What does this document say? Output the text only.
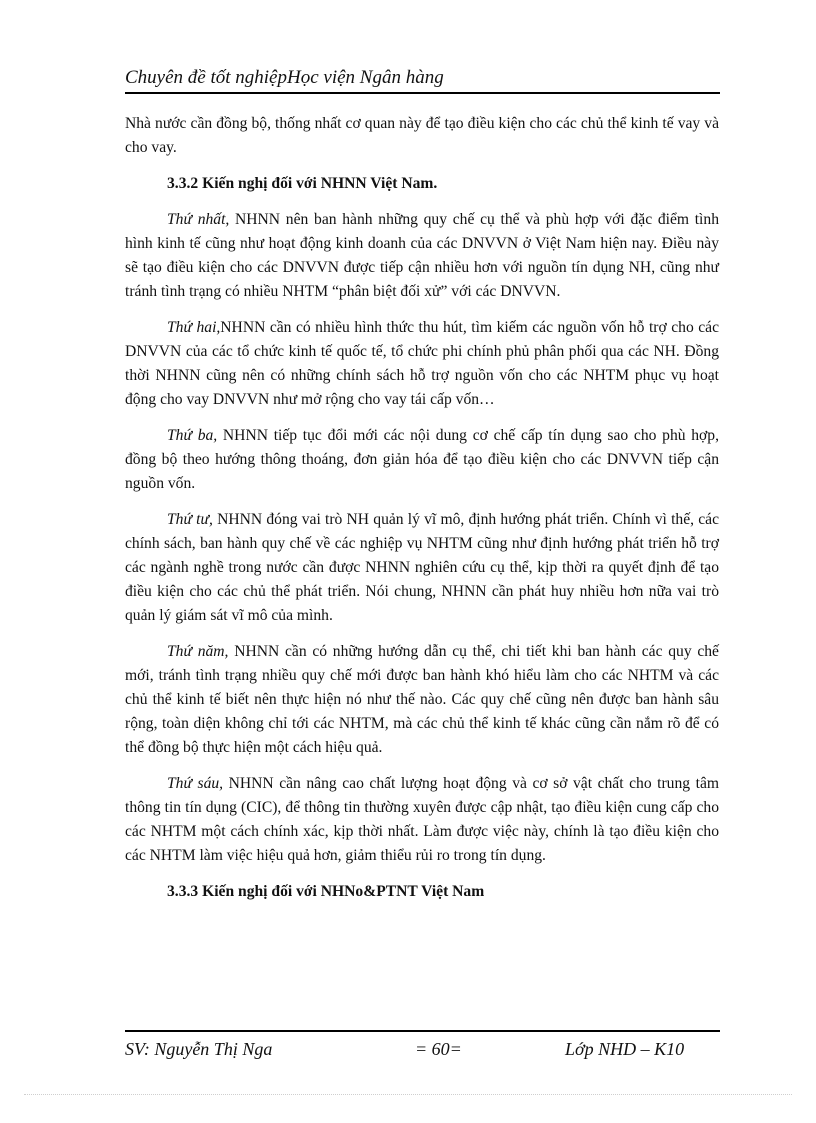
Chuyên đề tốt nghiệpHọc viện Ngân hàng

Nhà nước cần đồng bộ, thống nhất cơ quan này để tạo điều kiện cho các chủ thể kinh tế vay và cho vay.

3.3.2 Kiến nghị đối với NHNN Việt Nam.

Thứ nhất, NHNN nên ban hành những quy chế cụ thể và phù hợp với đặc điểm tình hình kinh tế cũng như hoạt động kinh doanh của các DNVVN ở Việt Nam hiện nay. Điều này sẽ tạo điều kiện cho các DNVVN được tiếp cận nhiều hơn với nguồn tín dụng NH, cũng như tránh tình trạng có nhiều NHTM “phân biệt đối xử” với các DNVVN.

Thứ hai,NHNN cần có nhiều hình thức thu hút, tìm kiếm các nguồn vốn hỗ trợ cho các DNVVN của các tổ chức kinh tế quốc tế, tổ chức phi chính phủ phân phối qua các NH. Đồng thời NHNN cũng nên có những chính sách hỗ trợ nguồn vốn cho các NHTM phục vụ hoạt động cho vay DNVVN như mở rộng cho vay tái cấp vốn…

Thứ ba, NHNN tiếp tục đổi mới các nội dung cơ chế cấp tín dụng sao cho phù hợp, đồng bộ theo hướng thông thoáng, đơn giản hóa để tạo điều kiện cho các DNVVN tiếp cận nguồn vốn.

Thứ tư, NHNN đóng vai trò NH quản lý vĩ mô, định hướng phát triển. Chính vì thế, các chính sách, ban hành quy chế về các nghiệp vụ NHTM cũng như định hướng phát triển hỗ trợ các ngành nghề trong nước cần được NHNN nghiên cứu cụ thể, kịp thời ra quyết định để tạo điều kiện cho các chủ thể phát triển. Nói chung, NHNN cần phát huy nhiều hơn nữa vai trò quản lý giám sát vĩ mô của mình.

Thứ năm, NHNN cần có những hướng dẫn cụ thể, chi tiết khi ban hành các quy chế mới, tránh tình trạng nhiều quy chế mới được ban hành khó hiểu làm cho các NHTM và các chủ thể kinh tế biết nên thực hiện nó như thế nào. Các quy chế cũng nên được ban hành sâu rộng, toàn diện không chỉ tới các NHTM, mà các chủ thể kinh tế khác cũng cần nắm rõ để có thể đồng bộ thực hiện một cách hiệu quả.

Thứ sáu, NHNN cần nâng cao chất lượng hoạt động và cơ sở vật chất cho trung tâm thông tin tín dụng (CIC), để thông tin thường xuyên được cập nhật, tạo điều kiện cung cấp cho các NHTM một cách chính xác, kịp thời nhất. Làm được việc này, chính là tạo điều kiện cho các NHTM làm việc hiệu quả hơn, giảm thiểu rủi ro trong tín dụng.

3.3.3 Kiến nghị đối với NHNo&PTNT Việt Nam

SV: Nguyễn Thị Nga	= 60=	Lớp NHD – K10
